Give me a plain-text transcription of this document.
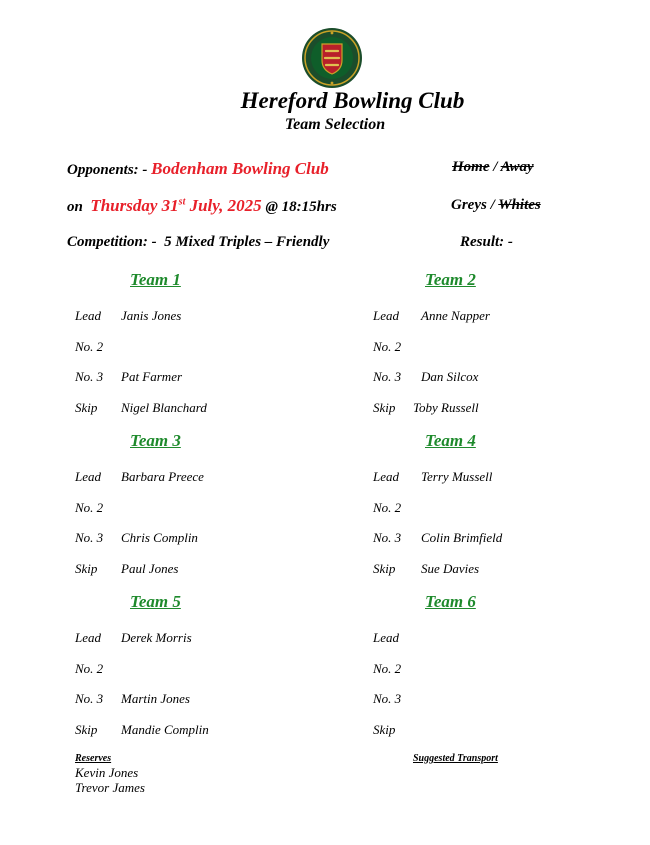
Hereford Bowling Club
Team Selection
Opponents: - Bodenham Bowling Club	Home / Away
on Thursday 31st July, 2025 @ 18:15hrs	Greys / Whites
Competition: - 5 Mixed Triples – Friendly	Result: -
Team 1
Lead Janis Jones
No. 2
No. 3 Pat Farmer
Skip Nigel Blanchard
Team 2
Lead Anne Napper
No. 2
No. 3 Dan Silcox
Skip Toby Russell
Team 3
Lead Barbara Preece
No. 2
No. 3 Chris Complin
Skip Paul Jones
Team 4
Lead Terry Mussell
No. 2
No. 3 Colin Brimfield
Skip Sue Davies
Team 5
Lead Derek Morris
No. 2
No. 3 Martin Jones
Skip Mandie Complin
Team 6
Lead
No. 2
No. 3
Skip
Reserves
Kevin Jones
Trevor James
Suggested Transport
